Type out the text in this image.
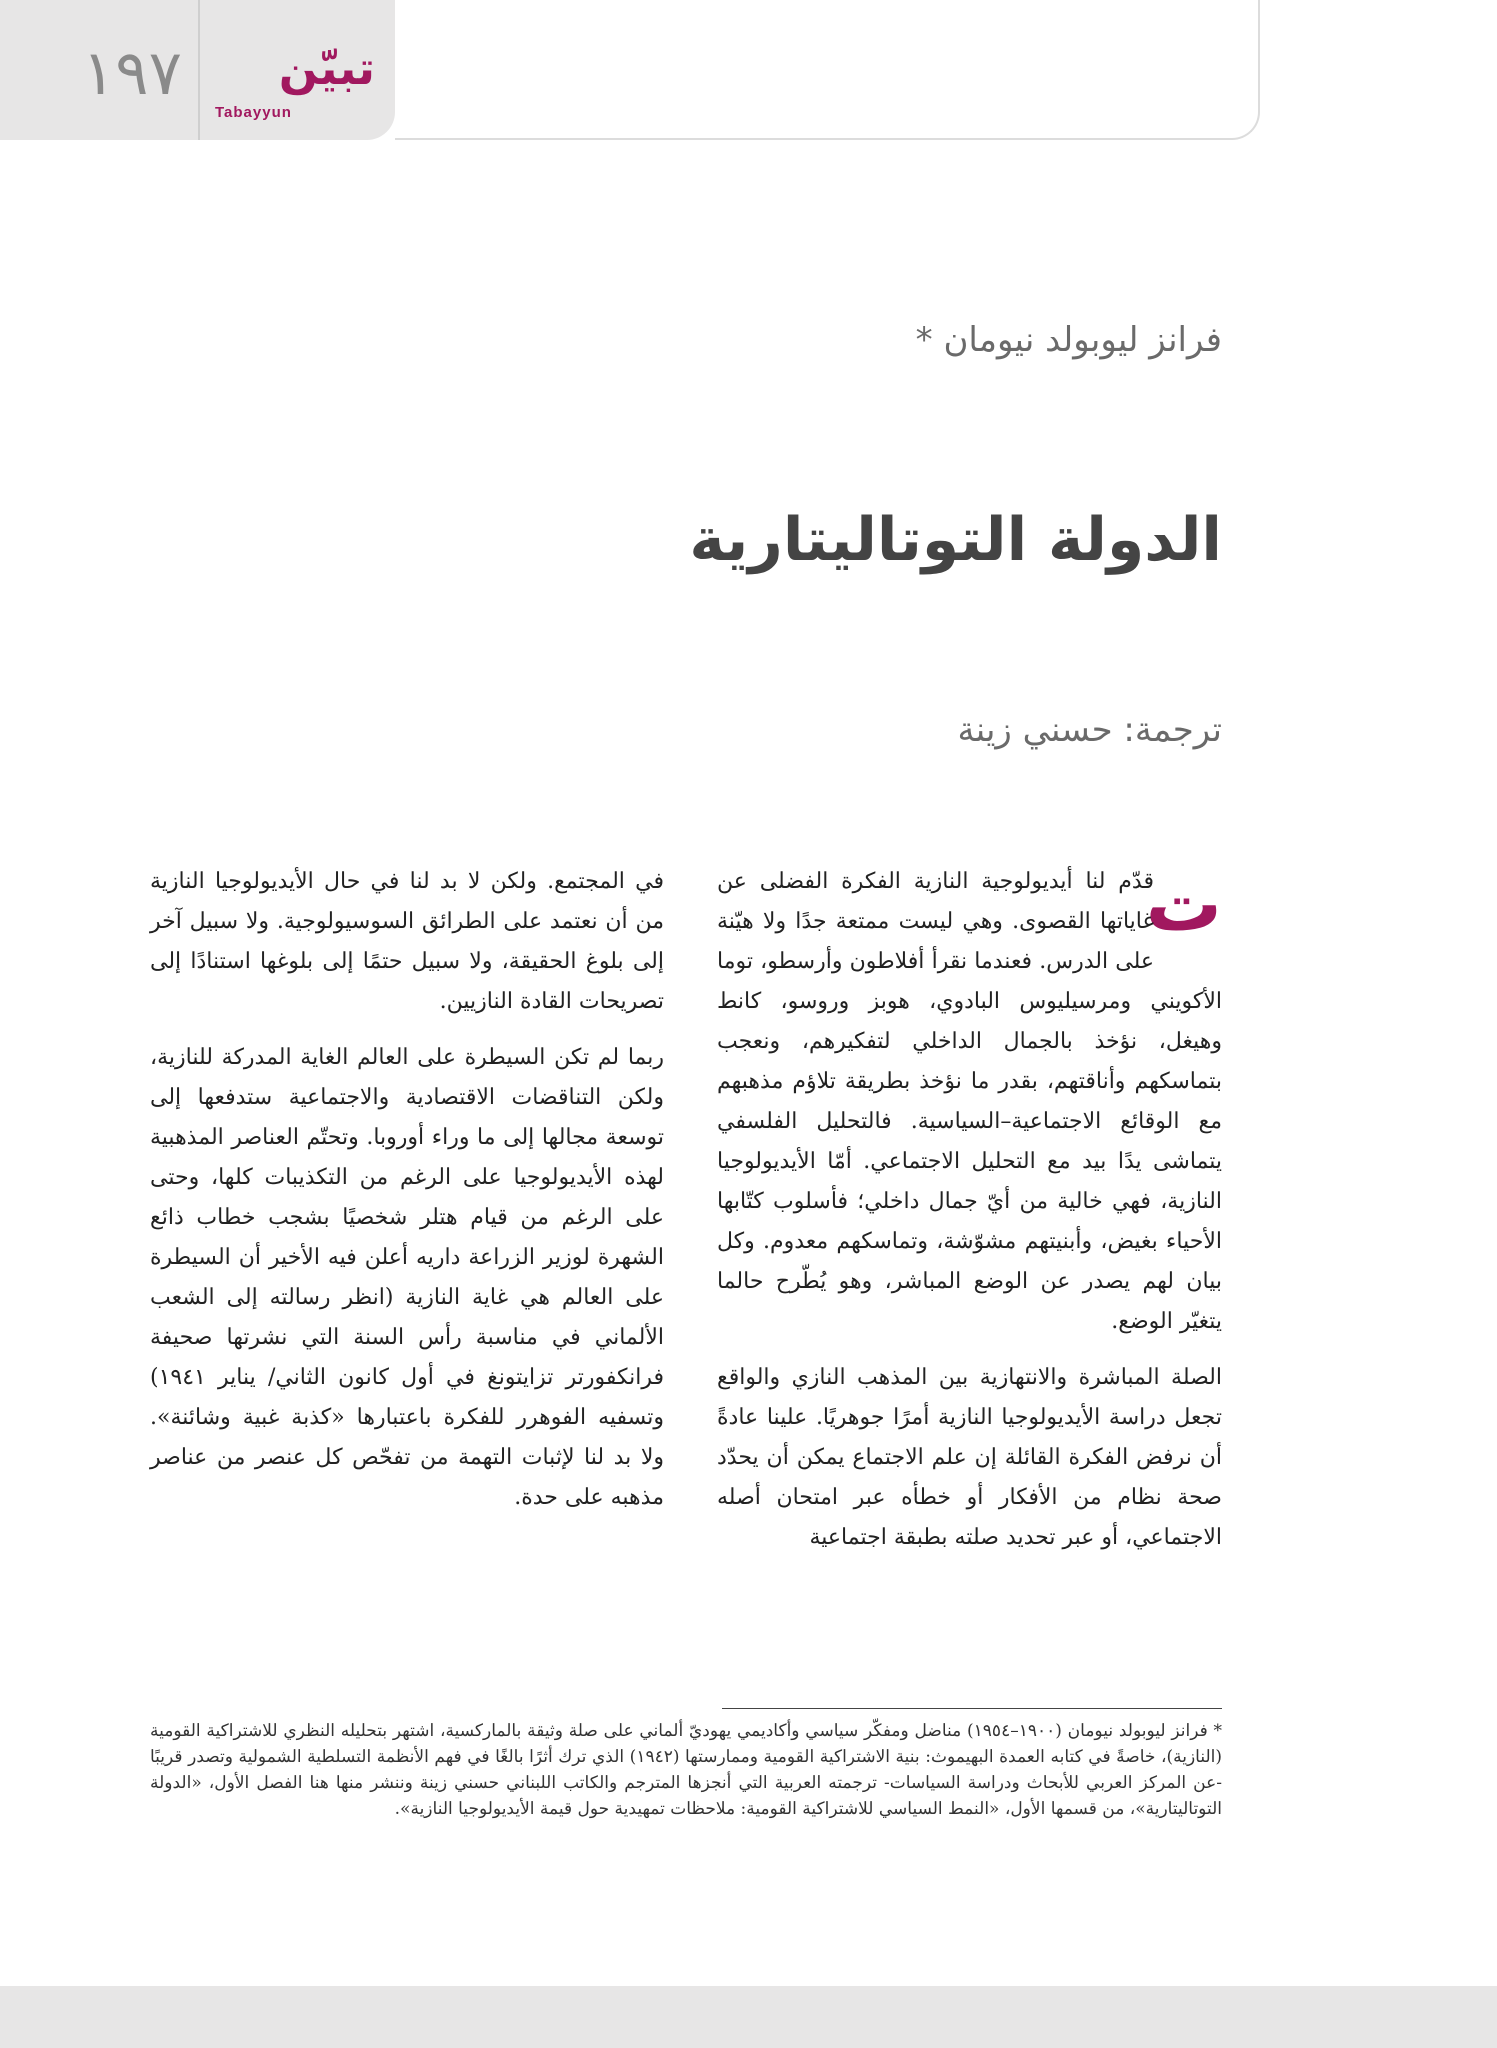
١٩٧ تبيّن
Tabayyun
فرانز ليوبولد نيومان *
الدولة التوتاليتارية
ترجمة: حسني زينة

ت
قدّم لنا أيديولوجية النازية الفكرة الفضلى عن غاياتها القصوى. وهي ليست ممتعة جدًا ولا هيّنة على الدرس. فعندما نقرأ أفلاطون وأرسطو، توما الأكويني ومرسيليوس البادوي، هوبز وروسو، كانط وهيغل، نؤخذ بالجمال الداخلي لتفكيرهم، ونعجب بتماسكهم وأناقتهم، بقدر ما نؤخذ بطريقة تلاؤم مذهبهم مع الوقائع الاجتماعية–السياسية. فالتحليل الفلسفي يتماشى يدًا بيد مع التحليل الاجتماعي. أمّا الأيديولوجيا النازية، فهي خالية من أيّ جمال داخلي؛ فأسلوب كتّابها الأحياء بغيض، وأبنيتهم مشوّشة، وتماسكهم معدوم. وكل بيان لهم يصدر عن الوضع المباشر، وهو يُطّرح حالما يتغيّر الوضع.

الصلة المباشرة والانتهازية بين المذهب النازي والواقع تجعل دراسة الأيديولوجيا النازية أمرًا جوهريًا. علينا عادةً أن نرفض الفكرة القائلة إن علم الاجتماع يمكن أن يحدّد صحة نظام من الأفكار أو خطأه عبر امتحان أصله الاجتماعي، أو عبر تحديد صلته بطبقة اجتماعية

في المجتمع. ولكن لا بد لنا في حال الأيديولوجيا النازية من أن نعتمد على الطرائق السوسيولوجية. ولا سبيل آخر إلى بلوغ الحقيقة، ولا سبيل حتمًا إلى بلوغها استنادًا إلى تصريحات القادة النازيين.

ربما لم تكن السيطرة على العالم الغاية المدركة للنازية، ولكن التناقضات الاقتصادية والاجتماعية ستدفعها إلى توسعة مجالها إلى ما وراء أوروبا. وتحتّم العناصر المذهبية لهذه الأيديولوجيا على الرغم من التكذيبات كلها، وحتى على الرغم من قيام هتلر شخصيًا بشجب خطاب ذائع الشهرة لوزير الزراعة داريه أعلن فيه الأخير أن السيطرة على العالم هي غاية النازية (انظر رسالته إلى الشعب الألماني في مناسبة رأس السنة التي نشرتها صحيفة فرانكفورتر تزايتونغ في أول كانون الثاني/ يناير ١٩٤١) وتسفيه الفوهرر للفكرة باعتبارها «كذبة غبية وشائنة». ولا بد لنا لإثبات التهمة من تفحّص كل عنصر من عناصر مذهبه على حدة.

* فرانز ليوبولد نيومان (١٩٠٠–١٩٥٤) مناضل ومفكّر سياسي وأكاديمي يهوديّ ألماني على صلة وثيقة بالماركسية، اشتهر بتحليله النظري للاشتراكية القومية (النازية)، خاصةً في كتابه العمدة البهيموث: بنية الاشتراكية القومية وممارستها (١٩٤٢) الذي ترك أثرًا بالغًا في فهم الأنظمة التسلطية الشمولية وتصدر قريبًا -عن المركز العربي للأبحاث ودراسة السياسات- ترجمته العربية التي أنجزها المترجم والكاتب اللبناني حسني زينة وننشر منها هنا الفصل الأول، «الدولة التوتاليتارية»، من قسمها الأول، «النمط السياسي للاشتراكية القومية: ملاحظات تمهيدية حول قيمة الأيديولوجيا النازية».
